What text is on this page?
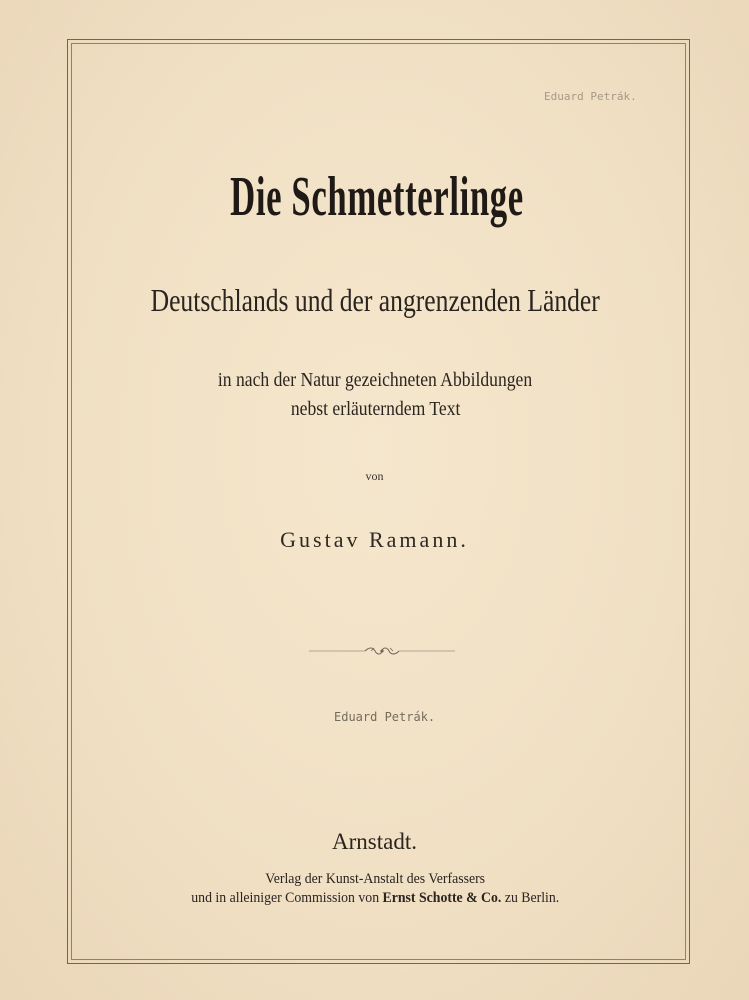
Eduard Petrák.
Die Schmetterlinge
Deutschlands und der angrenzenden Länder
in nach der Natur gezeichneten Abbildungen
nebst erläuterndem Text
von
Gustav Ramann.
Eduard Petrák.
Arnstadt.
Verlag der Kunst-Anstalt des Verfassers
und in alleiniger Commission von Ernst Schotte & Co. zu Berlin.
